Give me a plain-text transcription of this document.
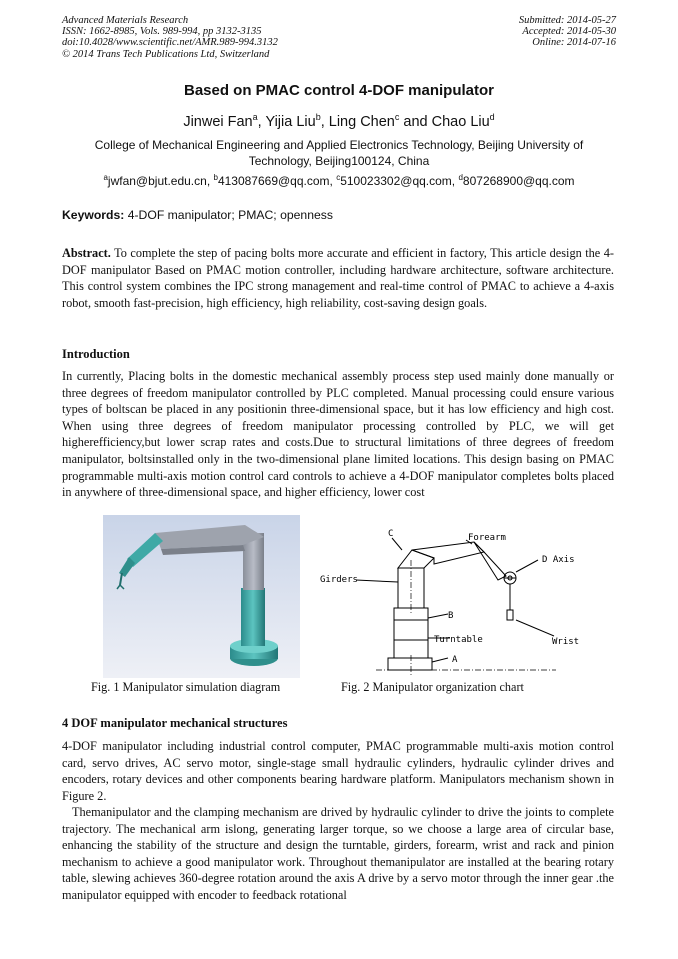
Advanced Materials Research
ISSN: 1662-8985, Vols. 989-994, pp 3132-3135
doi:10.4028/www.scientific.net/AMR.989-994.3132
© 2014 Trans Tech Publications Ltd, Switzerland
Submitted: 2014-05-27
Accepted: 2014-05-30
Online: 2014-07-16
Based on PMAC control 4-DOF manipulator
Jinwei Fan$^a$, Yijia Liu$^b$, Ling Chen$^c$ and Chao Liu$^d$
College of Mechanical Engineering and Applied Electronics Technology, Beijing University of Technology, Beijing100124, China
$^a$jwfan@bjut.edu.cn, $^b$413087669@qq.com, $^c$510023302@qq.com, $^d$807268900@qq.com
Keywords: 4-DOF manipulator; PMAC; openness

Abstract. To complete the step of pacing bolts more accurate and efficient in factory, This article design the 4-DOF manipulator Based on PMAC motion controller, including hardware architecture, software architecture. This control system combines the IPC strong management and real-time control of PMAC to achieve a 4-axis robot, smooth fast-precision, high efficiency, high reliability, cost-saving design goals.

Introduction

In currently, Placing bolts in the domestic mechanical assembly process step used mainly done manually or three degrees of freedom manipulator controlled by PLC completed. Manual processing could ensure various types of boltscan be placed in any positionin three-dimensional space, but it has low efficiency and high cost. When using three degrees of freedom manipulator processing controlled by PLC, we will get higherefficiency,but lower scrap rates and costs.Due to structural limitations of three degrees of freedom manipulator, boltsinstalled only in the two-dimensional plane limited locations. This design basing on PMAC programmable multi-axis motion control card controls to achieve a 4-DOF manipulator completes bolts placed in anywhere of three-dimensional space, and higher efficiency, lower cost

C	Forearm
D Axis
Girders
B
Turntable	Wrist
A
Fig. 1 Manipulator simulation diagram	Fig. 2 Manipulator organization chart
4 DOF manipulator mechanical structures

4-DOF manipulator including industrial control computer, PMAC programmable multi-axis motion control card, servo drives, AC servo motor, single-stage small hydraulic cylinders, hydraulic cylinder drives and encoders, rotary devices and other components bearing hardware platform. Manipulators mechanism shown in Figure 2.

Themanipulator and the clamping mechanism are drived by hydraulic cylinder to drive the joints to complete trajectory. The mechanical arm islong, generating larger torque, so we choose a large area of circular base, enhancing the stability of the structure and design the turntable, girders, forearm, wrist and rack and pinion mechanism to achieve a good manipulator work. Throughout themanipulator are installed at the bearing rotary table, slewing achieves 360-degree rotation around the axis A drive by a servo motor through the inner gear .the manipulator equipped with encoder to feedback rotational
